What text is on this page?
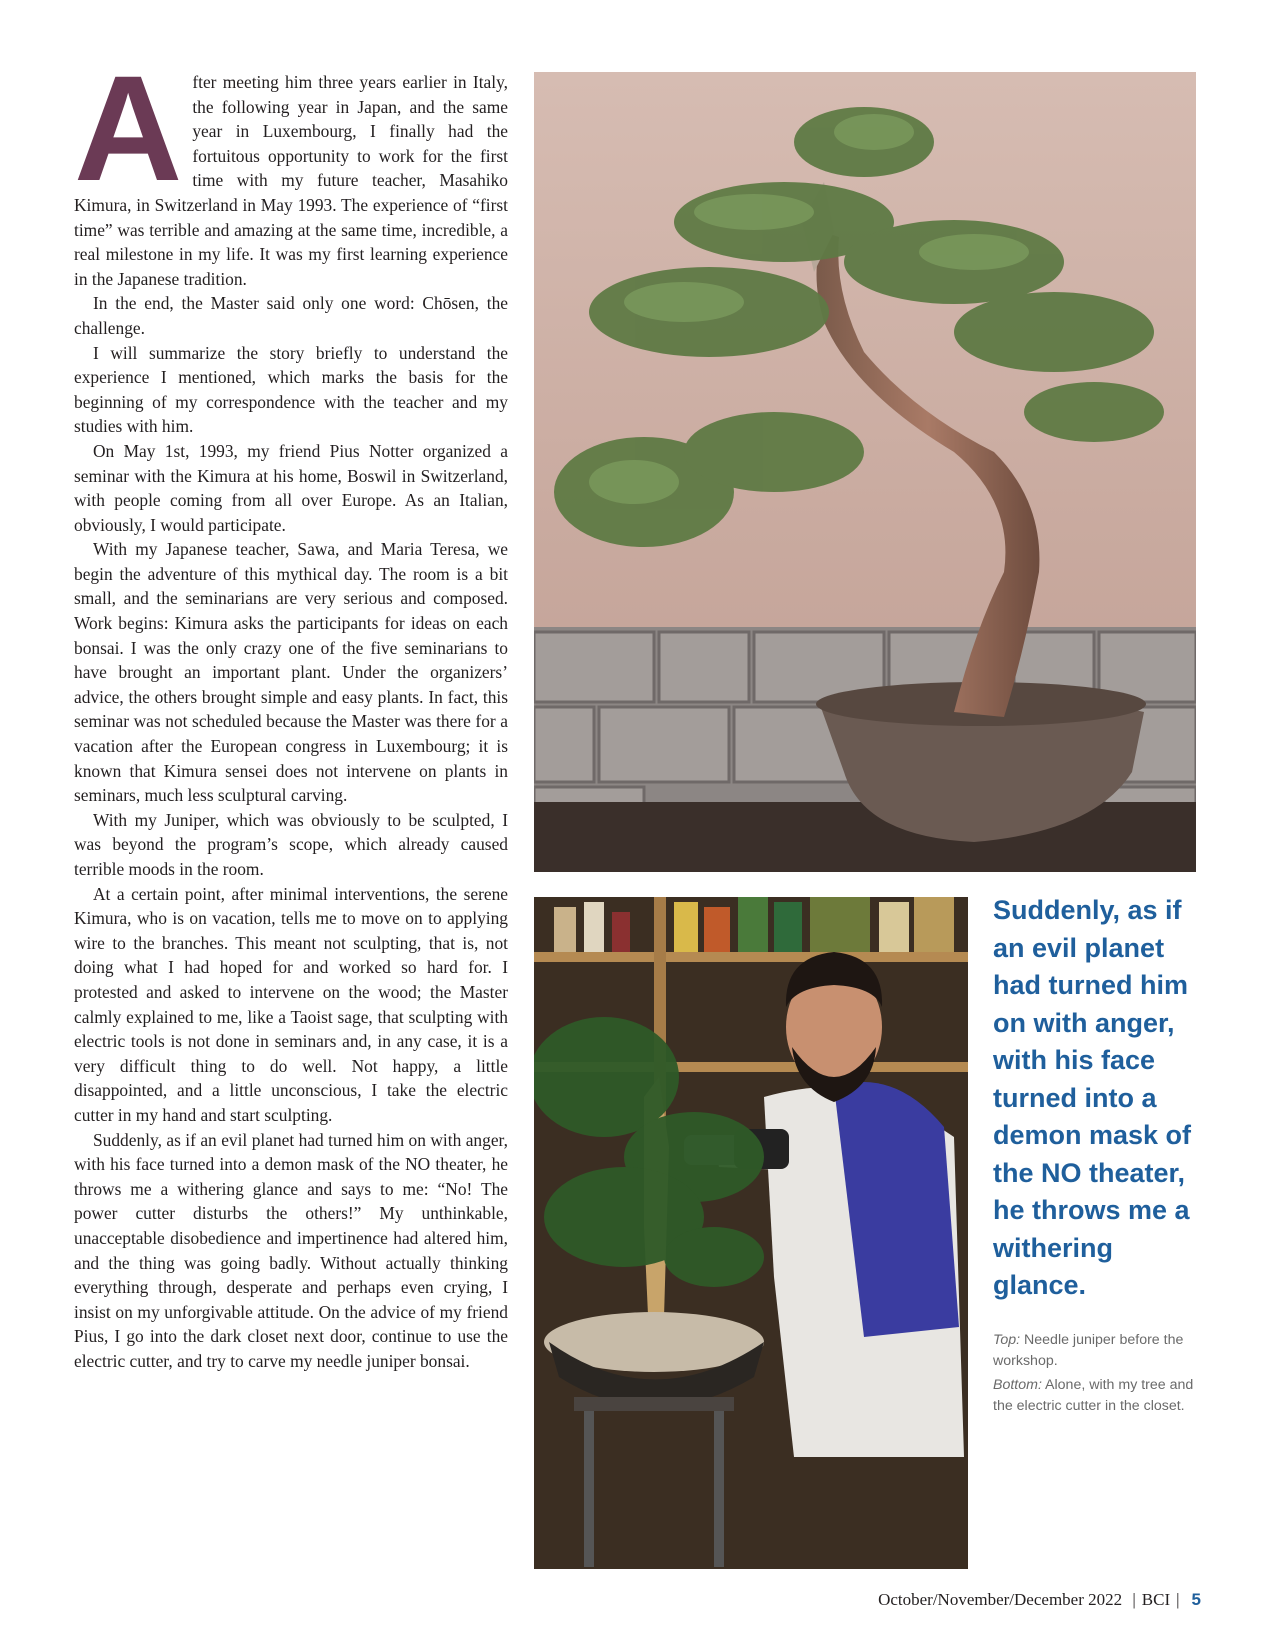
After meeting him three years earlier in Italy, the following year in Japan, and the same year in Luxembourg, I finally had the fortuitous opportunity to work for the first time with my future teacher, Masahiko Kimura, in Switzerland in May 1993. The experience of “first time” was terrible and amazing at the same time, incredible, a real milestone in my life. It was my first learning experience in the Japanese tradition.

In the end, the Master said only one word: Chōsen, the challenge.

I will summarize the story briefly to understand the experience I mentioned, which marks the basis for the beginning of my correspondence with the teacher and my studies with him.

On May 1st, 1993, my friend Pius Notter organized a seminar with the Kimura at his home, Boswil in Switzerland, with people coming from all over Europe. As an Italian, obviously, I would participate.

With my Japanese teacher, Sawa, and Maria Teresa, we begin the adventure of this mythical day. The room is a bit small, and the seminarians are very serious and composed. Work begins: Kimura asks the participants for ideas on each bonsai. I was the only crazy one of the five seminarians to have brought an important plant. Under the organizers’ advice, the others brought simple and easy plants. In fact, this seminar was not scheduled because the Master was there for a vacation after the European congress in Luxembourg; it is known that Kimura sensei does not intervene on plants in seminars, much less sculptural carving.

With my Juniper, which was obviously to be sculpted, I was beyond the program’s scope, which already caused terrible moods in the room.

At a certain point, after minimal interventions, the serene Kimura, who is on vacation, tells me to move on to applying wire to the branches. This meant not sculpting, that is, not doing what I had hoped for and worked so hard for. I protested and asked to intervene on the wood; the Master calmly explained to me, like a Taoist sage, that sculpting with electric tools is not done in seminars and, in any case, it is a very difficult thing to do well. Not happy, a little disappointed, and a little unconscious, I take the electric cutter in my hand and start sculpting.

Suddenly, as if an evil planet had turned him on with anger, with his face turned into a demon mask of the NO theater, he throws me a withering glance and says to me: “No! The power cutter disturbs the others!” My unthinkable, unacceptable disobedience and impertinence had altered him, and the thing was going badly. Without actually thinking everything through, desperate and perhaps even crying, I insist on my unforgivable attitude. On the advice of my friend Pius, I go into the dark closet next door, continue to use the electric cutter, and try to carve my needle juniper bonsai.

Suddenly, as if an evil planet had turned him on with anger, with his face turned into a demon mask of the NO theater, he throws me a withering glance.

Top: Needle juniper before the workshop.

Bottom: Alone, with my tree and the electric cutter in the closet.

October/November/December 2022 | BCI | 5
